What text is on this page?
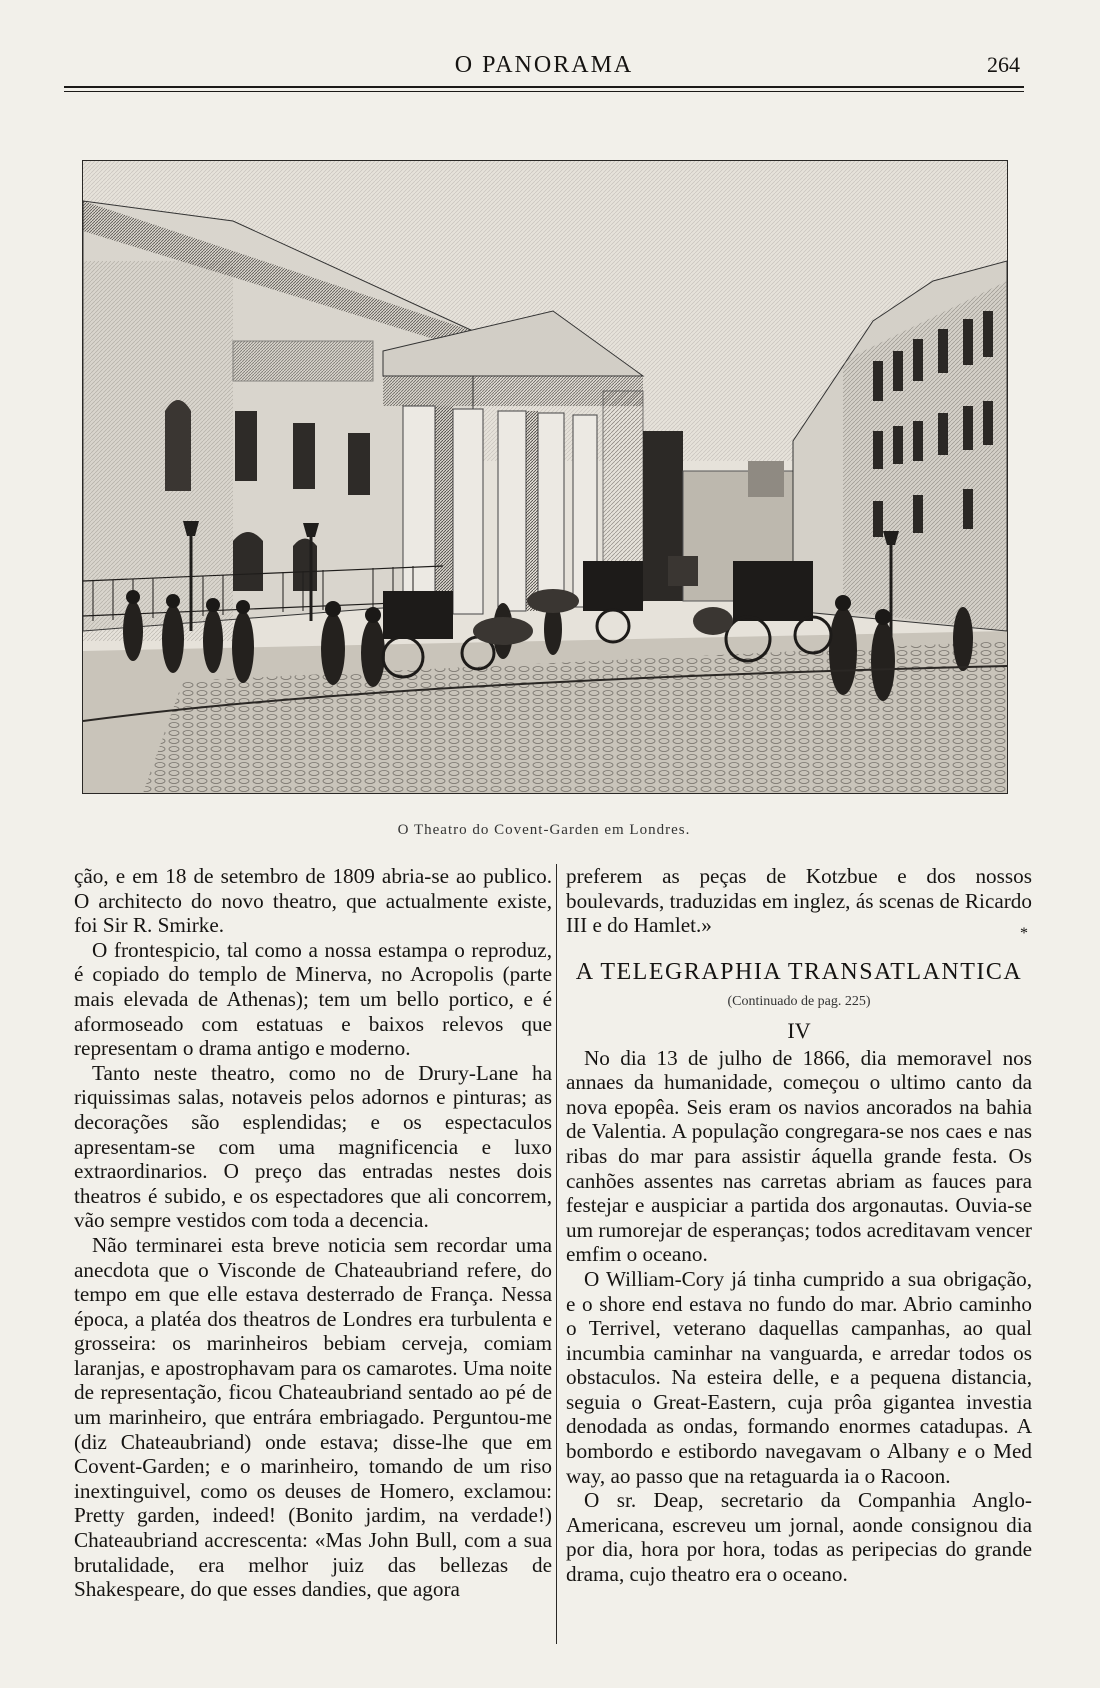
O PANORAMA	264
O Theatro do Covent-Garden em Londres.

ção, e em 18 de setembro de 1809 abria-se ao publico. O architecto do novo theatro, que actualmente existe, foi Sir R. Smirke.

O frontespicio, tal como a nossa estampa o reproduz, é copiado do templo de Minerva, no Acropolis (parte mais elevada de Athenas); tem um bello portico, e é aformoseado com estatuas e baixos relevos que representam o drama antigo e moderno.

Tanto neste theatro, como no de Drury-Lane ha riquissimas salas, notaveis pelos adornos e pinturas; as decorações são esplendidas; e os espectaculos apresentam-se com uma magnificencia e luxo extraordinarios. O preço das entradas nestes dois theatros é subido, e os espectadores que ali concorrem, vão sempre vestidos com toda a decencia.

Não terminarei esta breve noticia sem recordar uma anecdota que o Visconde de Chateaubriand refere, do tempo em que elle estava desterrado de França. Nessa época, a platéa dos theatros de Londres era turbulenta e grosseira: os marinheiros bebiam cerveja, comiam laranjas, e apostrophavam para os camarotes. Uma noite de representação, ficou Chateaubriand sentado ao pé de um marinheiro, que entrára embriagado. Perguntou-me (diz Chateaubriand) onde estava; disse-lhe que em Covent-Garden; e o marinheiro, tomando de um riso inextinguivel, como os deuses de Homero, exclamou: Pretty garden, indeed! (Bonito jardim, na verdade!) Chateaubriand accrescenta: «Mas John Bull, com a sua brutalidade, era melhor juiz das bellezas de Shakespeare, do que esses dandies, que agora

preferem as peças de Kotzbue e dos nossos boulevards, traduzidas em inglez, ás scenas de Ricardo III e do Hamlet.»	*
A TELEGRAPHIA TRANSATLANTICA
(Continuado de pag. 225)
IV

No dia 13 de julho de 1866, dia memoravel nos annaes da humanidade, começou o ultimo canto da nova epopêa. Seis eram os navios ancorados na bahia de Valentia. A população congregara-se nos caes e nas ribas do mar para assistir áquella grande festa. Os canhões assentes nas carretas abriam as fauces para festejar e auspiciar a partida dos argonautas. Ouvia-se um rumorejar de esperanças; todos acreditavam vencer emfim o oceano.

O William-Cory já tinha cumprido a sua obrigação, e o shore end estava no fundo do mar. Abrio caminho o Terrivel, veterano daquellas campanhas, ao qual incumbia caminhar na vanguarda, e arredar todos os obstaculos. Na esteira delle, e a pequena distancia, seguia o Great-Eastern, cuja prôa gigantea investia denodada as ondas, formando enormes catadupas. A bombordo e estibordo navegavam o Albany e o Med way, ao passo que na retaguarda ia o Racoon.

O sr. Deap, secretario da Companhia Anglo-Americana, escreveu um jornal, aonde consignou dia por dia, hora por hora, todas as peripecias do grande drama, cujo theatro era o oceano.
